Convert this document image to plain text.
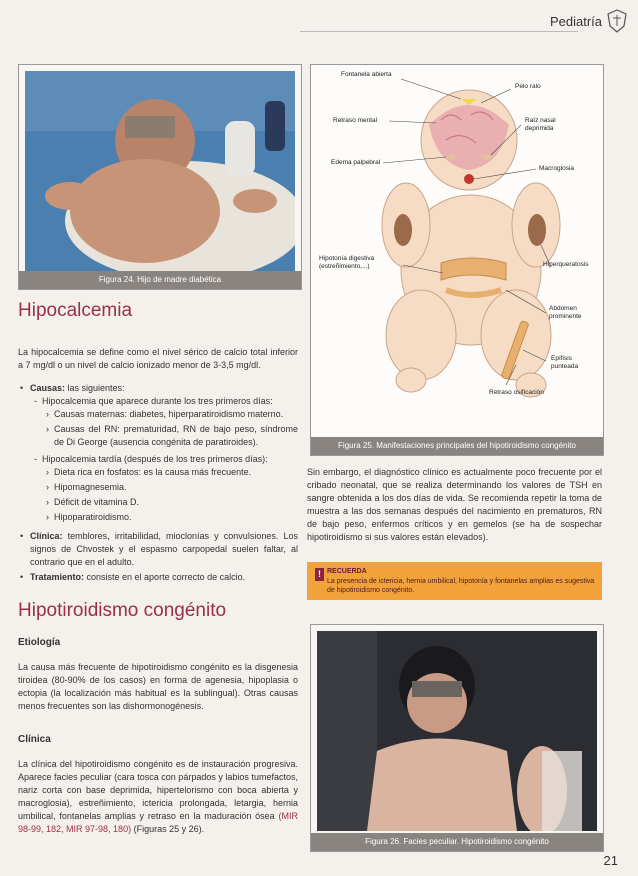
Pediatría
Figura 24. Hijo de madre diabética
Hipocalcemia
La hipocalcemia se define como el nivel sérico de calcio total inferior a 7 mg/dl o un nivel de calcio ionizado menor de 3-3,5 mg/dl.
• Causas: las siguientes:
- Hipocalcemia que aparece durante los tres primeros días:
› Causas maternas: diabetes, hiperparatiroidismo materno.
› Causas del RN: prematuridad, RN de bajo peso, síndrome de Di George (ausencia congénita de paratiroides).
- Hipocalcemia tardía (después de los tres primeros días):
› Dieta rica en fosfatos: es la causa más frecuente.
› Hipomagnesemia.
› Déficit de vitamina D.
› Hipoparatiroidismo.
• Clínica: temblores, irritabilidad, mioclonías y convulsiones. Los signos de Chvostek y el espasmo carpopedal suelen faltar, al contrario que en el adulto.
• Tratamiento: consiste en el aporte correcto de calcio.
Hipotiroidismo congénito
Etiología
La causa más frecuente de hipotiroidismo congénito es la disgenesia tiroidea (80-90% de los casos) en forma de agenesia, hipoplasia o ectopia (la localización más habitual es la sublingual). Otras causas menos frecuentes son las dishormonogénesis.
Clínica
La clínica del hipotiroidismo congénito es de instauración progresiva. Aparece facies peculiar (cara tosca con párpados y labios tumefactos, nariz corta con base deprimida, hipertelorismo con boca abierta y macroglosia), estreñimiento, ictericia prolongada, letargia, hernia umbilical, fontanelas amplias y retraso en la maduración ósea (MIR 98-99, 182, MIR 97-98, 180) (Figuras 25 y 26).
Fontanela abierta
Pelo ralo
Retraso mental	Raíz nasal deprimida
Edema palpebral
Macroglosia
Hipotonía digestiva (estreñimiento,...)	Hiperqueratosis
Abdomen prominente
Epífisis punteada
Retraso osificación
Figura 25. Manifestaciones principales del hipotiroidismo congénito
Sin embargo, el diagnóstico clínico es actualmente poco frecuente por el cribado neonatal, que se realiza determinando los valores de TSH en sangre obtenida a los dos días de vida. Se recomienda repetir la toma de muestra a las dos semanas después del nacimiento en prematuros, RN de bajo peso, enfermos críticos y en gemelos (se ha de sospechar hipotiroidismo si sus valores están elevados).
! RECUERDA
La presencia de ictericia, hernia umbilical, hipotonía y fontanelas amplias es sugestiva de hipotiroidismo congénito.
Figura 26. Facies peculiar. Hipotiroidismo congénito
21
